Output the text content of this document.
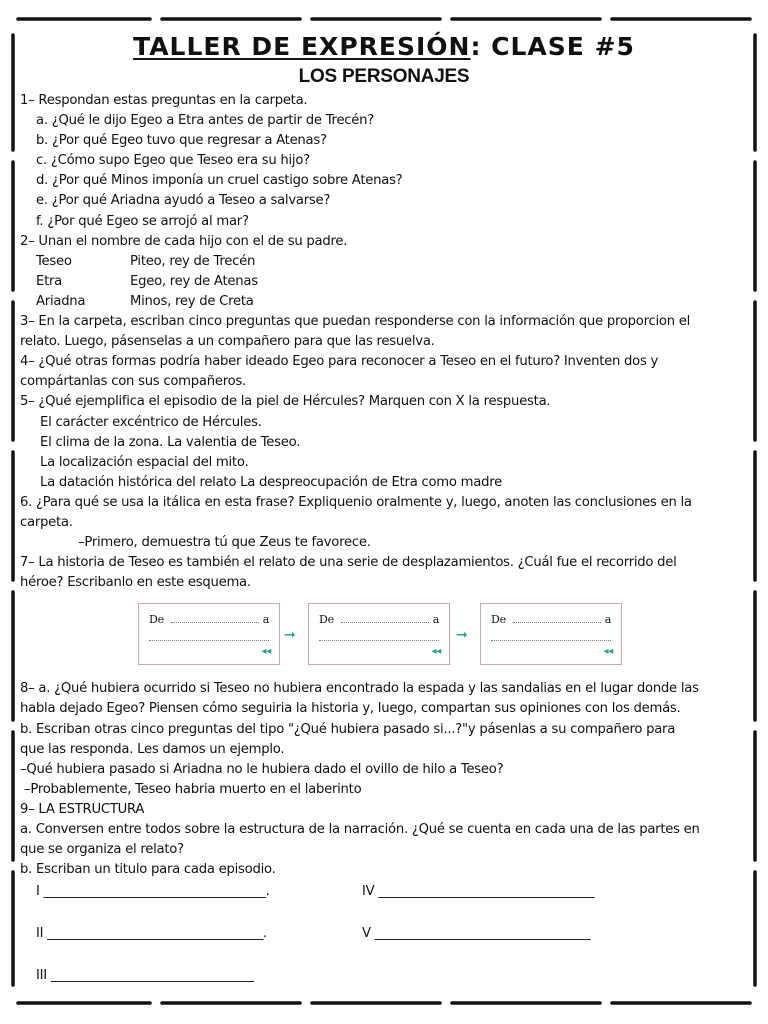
TALLER DE EXPRESIÓN: CLASE #5
LOS PERSONAJES
1– Respondan estas preguntas en la carpeta.
a. ¿Qué le dijo Egeo a Etra antes de partir de Trecén?
b. ¿Por qué Egeo tuvo que regresar a Atenas?
c. ¿Cómo supo Egeo que Teseo era su hijo?
d. ¿Por qué Minos imponía un cruel castigo sobre Atenas?
e. ¿Por qué Ariadna ayudó a Teseo a salvarse?
f. ¿Por qué Egeo se arrojó al mar?
2– Unan el nombre de cada hijo con el de su padre.
Teseo	Piteo, rey de Trecén
Etra	Egeo, rey de Atenas
Ariadna	Minos, rey de Creta
3– En la carpeta, escriban cinco preguntas que puedan responderse con la información que proporcion el
relato. Luego, pásenselas a un compañero para que las resuelva.
4– ¿Qué otras formas podría haber ideado Egeo para reconocer a Teseo en el futuro? Inventen dos y
compártanlas con sus compañeros.
5– ¿Qué ejemplifica el episodio de la piel de Hércules? Marquen con X la respuesta.
El carácter excéntrico de Hércules.
El clima de la zona. La valentia de Teseo.
La localización espacial del mito.
La datación histórica del relato La despreocupación de Etra como madre
6. ¿Para qué se usa la itálica en esta frase? Expliquenio oralmente y, luego, anoten las conclusiones en la
carpeta.
–Primero, demuestra tú que Zeus te favorece.
7– La historia de Teseo es también el relato de una serie de desplazamientos. ¿Cuál fue el recorrido del
héroe? Escribanlo en este esquema.
De	a
◂◂
➞
De	a
◂◂
➞
De	a
◂◂
8– a. ¿Qué hubiera ocurrido si Teseo no hubiera encontrado la espada y las sandalias en el lugar donde las
habla dejado Egeo? Piensen cómo seguiria la historia y, luego, compartan sus opiniones con los demás.
b. Escriban otras cinco preguntas del tipo "¿Qué hubiera pasado si...?"y pásenlas a su compañero para
que las responda. Les damos un ejemplo.
–Qué hubiera pasado si Ariadna no le hubiera dado el ovillo de hilo a Teseo?
–Probablemente, Teseo habria muerto en el laberinto
9– LA ESTRUCTURA
a. Conversen entre todos sobre la estructura de la narración. ¿Qué se cuenta en cada una de las partes en
que se organiza el relato?
b. Escriban un titulo para cada episodio.
I ___________________________________.	IV __________________________________
II __________________________________.	V __________________________________
III ________________________________
